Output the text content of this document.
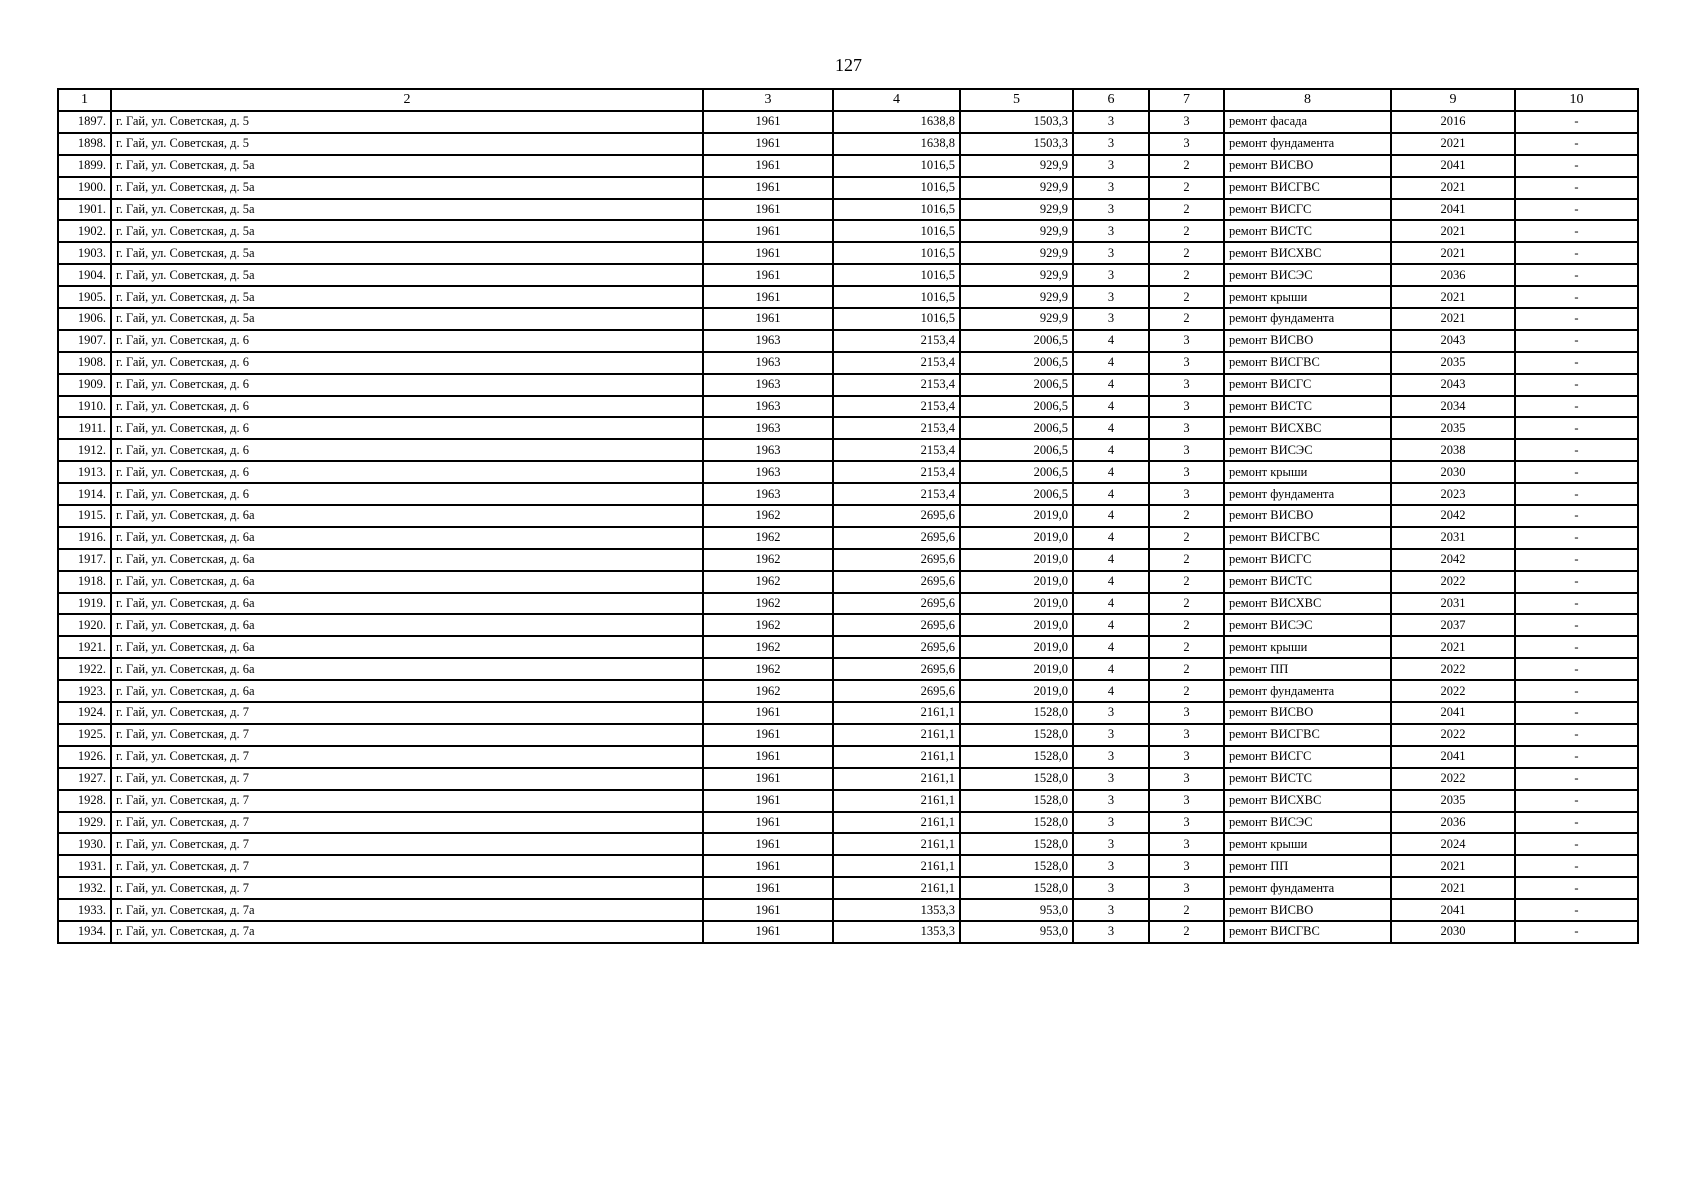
127
1	2	3	4	5	6	7	8	9	10
1897.	г. Гай, ул. Советская, д. 5	1961	1638,8	1503,3	3	3	ремонт фасада	2016	-
1898.	г. Гай, ул. Советская, д. 5	1961	1638,8	1503,3	3	3	ремонт фундамента	2021	-
1899.	г. Гай, ул. Советская, д. 5а	1961	1016,5	929,9	3	2	ремонт ВИСВО	2041	-
1900.	г. Гай, ул. Советская, д. 5а	1961	1016,5	929,9	3	2	ремонт ВИСГВС	2021	-
1901.	г. Гай, ул. Советская, д. 5а	1961	1016,5	929,9	3	2	ремонт ВИСГС	2041	-
1902.	г. Гай, ул. Советская, д. 5а	1961	1016,5	929,9	3	2	ремонт ВИСТС	2021	-
1903.	г. Гай, ул. Советская, д. 5а	1961	1016,5	929,9	3	2	ремонт ВИСХВС	2021	-
1904.	г. Гай, ул. Советская, д. 5а	1961	1016,5	929,9	3	2	ремонт ВИСЭС	2036	-
1905.	г. Гай, ул. Советская, д. 5а	1961	1016,5	929,9	3	2	ремонт крыши	2021	-
1906.	г. Гай, ул. Советская, д. 5а	1961	1016,5	929,9	3	2	ремонт фундамента	2021	-
1907.	г. Гай, ул. Советская, д. 6	1963	2153,4	2006,5	4	3	ремонт ВИСВО	2043	-
1908.	г. Гай, ул. Советская, д. 6	1963	2153,4	2006,5	4	3	ремонт ВИСГВС	2035	-
1909.	г. Гай, ул. Советская, д. 6	1963	2153,4	2006,5	4	3	ремонт ВИСГС	2043	-
1910.	г. Гай, ул. Советская, д. 6	1963	2153,4	2006,5	4	3	ремонт ВИСТС	2034	-
1911.	г. Гай, ул. Советская, д. 6	1963	2153,4	2006,5	4	3	ремонт ВИСХВС	2035	-
1912.	г. Гай, ул. Советская, д. 6	1963	2153,4	2006,5	4	3	ремонт ВИСЭС	2038	-
1913.	г. Гай, ул. Советская, д. 6	1963	2153,4	2006,5	4	3	ремонт крыши	2030	-
1914.	г. Гай, ул. Советская, д. 6	1963	2153,4	2006,5	4	3	ремонт фундамента	2023	-
1915.	г. Гай, ул. Советская, д. 6а	1962	2695,6	2019,0	4	2	ремонт ВИСВО	2042	-
1916.	г. Гай, ул. Советская, д. 6а	1962	2695,6	2019,0	4	2	ремонт ВИСГВС	2031	-
1917.	г. Гай, ул. Советская, д. 6а	1962	2695,6	2019,0	4	2	ремонт ВИСГС	2042	-
1918.	г. Гай, ул. Советская, д. 6а	1962	2695,6	2019,0	4	2	ремонт ВИСТС	2022	-
1919.	г. Гай, ул. Советская, д. 6а	1962	2695,6	2019,0	4	2	ремонт ВИСХВС	2031	-
1920.	г. Гай, ул. Советская, д. 6а	1962	2695,6	2019,0	4	2	ремонт ВИСЭС	2037	-
1921.	г. Гай, ул. Советская, д. 6а	1962	2695,6	2019,0	4	2	ремонт крыши	2021	-
1922.	г. Гай, ул. Советская, д. 6а	1962	2695,6	2019,0	4	2	ремонт ПП	2022	-
1923.	г. Гай, ул. Советская, д. 6а	1962	2695,6	2019,0	4	2	ремонт фундамента	2022	-
1924.	г. Гай, ул. Советская, д. 7	1961	2161,1	1528,0	3	3	ремонт ВИСВО	2041	-
1925.	г. Гай, ул. Советская, д. 7	1961	2161,1	1528,0	3	3	ремонт ВИСГВС	2022	-
1926.	г. Гай, ул. Советская, д. 7	1961	2161,1	1528,0	3	3	ремонт ВИСГС	2041	-
1927.	г. Гай, ул. Советская, д. 7	1961	2161,1	1528,0	3	3	ремонт ВИСТС	2022	-
1928.	г. Гай, ул. Советская, д. 7	1961	2161,1	1528,0	3	3	ремонт ВИСХВС	2035	-
1929.	г. Гай, ул. Советская, д. 7	1961	2161,1	1528,0	3	3	ремонт ВИСЭС	2036	-
1930.	г. Гай, ул. Советская, д. 7	1961	2161,1	1528,0	3	3	ремонт крыши	2024	-
1931.	г. Гай, ул. Советская, д. 7	1961	2161,1	1528,0	3	3	ремонт ПП	2021	-
1932.	г. Гай, ул. Советская, д. 7	1961	2161,1	1528,0	3	3	ремонт фундамента	2021	-
1933.	г. Гай, ул. Советская, д. 7а	1961	1353,3	953,0	3	2	ремонт ВИСВО	2041	-
1934.	г. Гай, ул. Советская, д. 7а	1961	1353,3	953,0	3	2	ремонт ВИСГВС	2030	-
